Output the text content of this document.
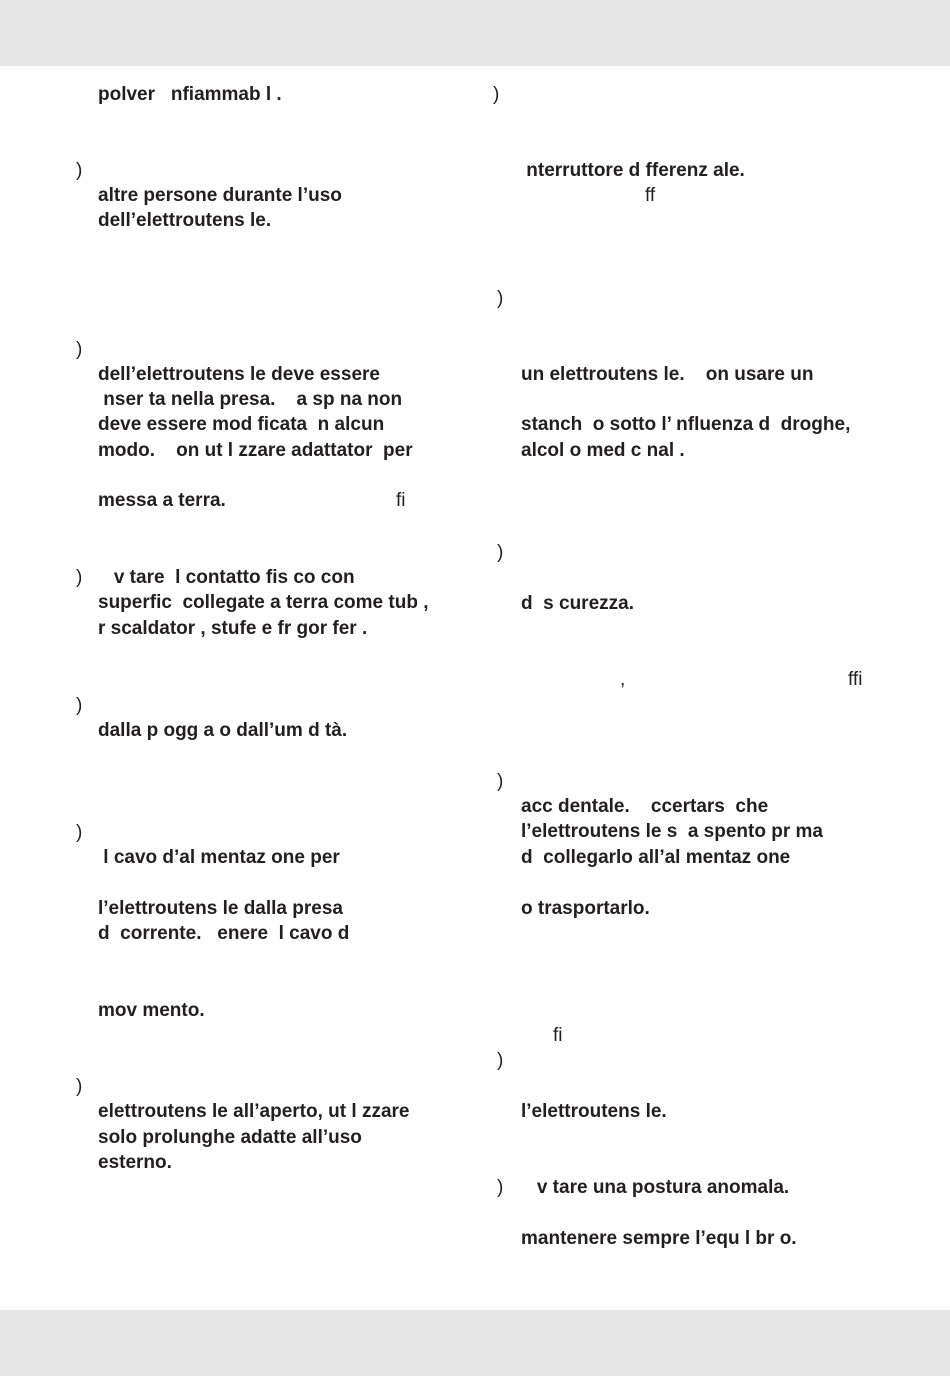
polver   nfiammab l .

)

altre persone durante l’uso

dell’elettroutens le.

)

dell’elettroutens le deve essere

nser ta nella presa.    a sp na non

deve essere mod ficata  n alcun

modo.    on ut l zzare adattator  per

messa a terra.	fi
) v tare  l contatto fis co con

superfic  collegate a terra come tub ,

r scaldator , stufe e fr gor fer .

)

dalla p ogg a o dall’um d tà.

)

l cavo d’al mentaz one per

l’elettroutens le dalla presa

d  corrente.   enere  l cavo d

mov mento.

)

elettroutens le all’aperto, ut l zzare

solo prolunghe adatte all’uso

esterno.

)

nterruttore d fferenz ale.

ff
)

un elettroutens le.    on usare un

stanch  o sotto l’ nfluenza d  droghe,

alcol o med c nal .

)

d  s curezza.

,	ffi
)

acc dentale.    ccertars  che

l’elettroutens le s  a spento pr ma

d  collegarlo all’al mentaz one

o trasportarlo.

fi
)

l’elettroutens le.

) v tare una postura anomala.

mantenere sempre l’equ l br o.
